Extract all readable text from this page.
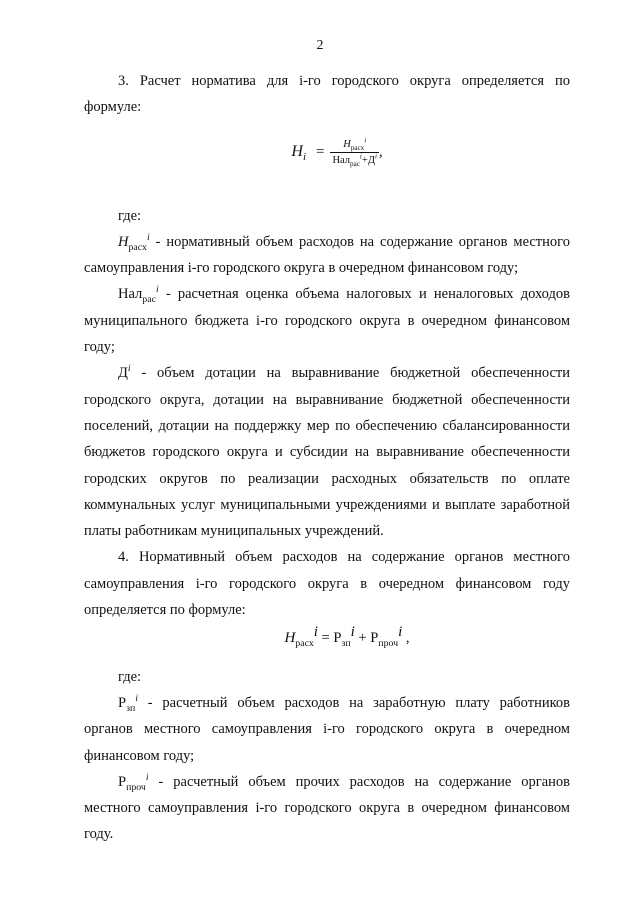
2

3. Расчет норматива для i-го городского округа определяется по формуле:

$H_i = \frac{H_{расх}^i}{Нал_{рас}^i+Д^i}$ ,

где:

$H_{расх}^i$ - нормативный объем расходов на содержание органов местного самоуправления i-го городского округа в очередном финансовом году;

Нал$_{рас}^i$ - расчетная оценка объема налоговых и неналоговых доходов муниципального бюджета i-го городского округа в очередном финансовом году;

$Д^i$ - объем дотации на выравнивание бюджетной обеспеченности городского округа, дотации на выравнивание бюджетной обеспеченности поселений, дотации на поддержку мер по обеспечению сбалансированности бюджетов городского округа и субсидии на выравнивание обеспеченности городских округов по реализации расходных обязательств по оплате коммунальных услуг муниципальными учреждениями и выплате заработной платы работникам муниципальных учреждений.

4. Нормативный объем расходов на содержание органов местного самоуправления i-го городского округа в очередном финансовом году определяется по формуле:

$H_{расх}^i = Р_{зп}^i + Р_{проч}^i$ ,

где:

$Р_{зп}^i$ - расчетный объем расходов на заработную плату работников органов местного самоуправления i-го городского округа в очередном финансовом году;

$Р_{проч}^i$ - расчетный объем прочих расходов на содержание органов местного самоуправления i-го городского округа в очередном финансовом году.
